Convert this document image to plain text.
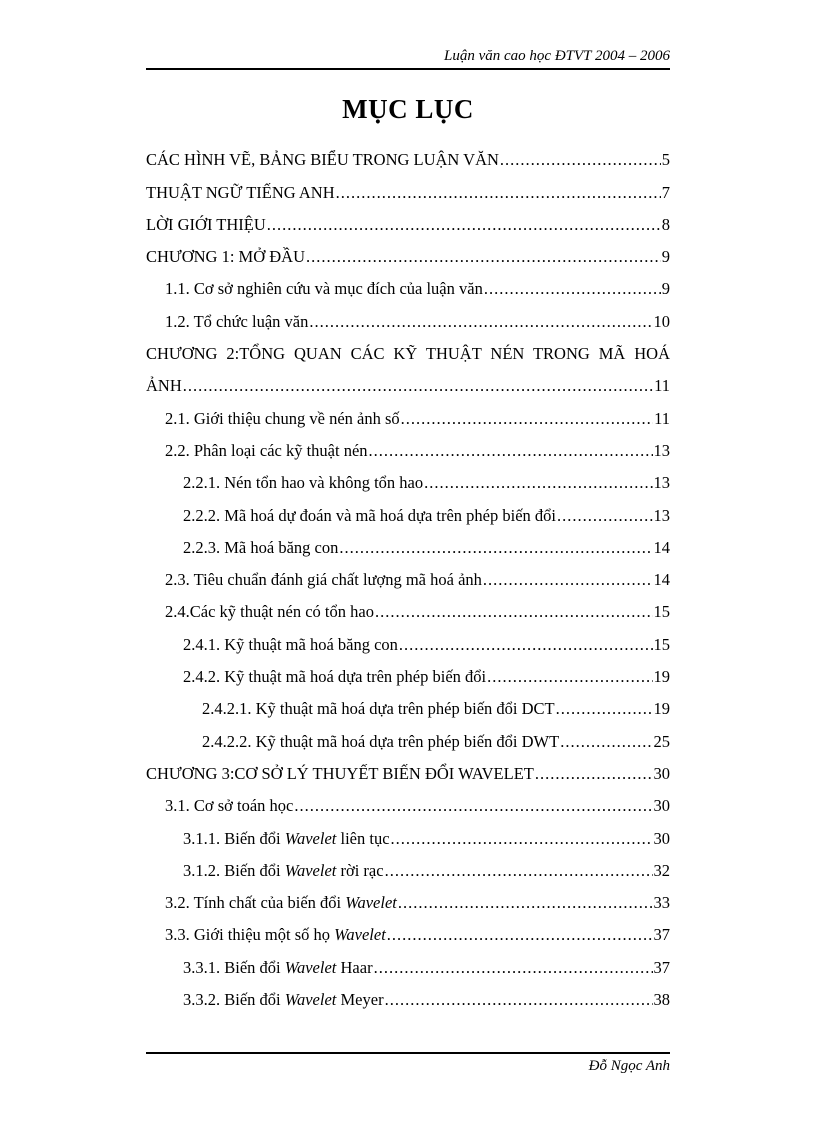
Luận văn cao học ĐTVT 2004 – 2006
MỤC LỤC
CÁC HÌNH VẼ, BẢNG BIỂU TRONG LUẬN VĂN .....	5
THUẬT NGỮ TIẾNG ANH .....	7
LỜI GIỚI THIỆU .....	8
CHƯƠNG 1: MỞ ĐẦU .....	9
1.1. Cơ sở nghiên cứu và mục đích của luận văn .....	9
1.2. Tổ chức luận văn .....	10
CHƯƠNG 2:TỔNG QUAN CÁC KỸ THUẬT NÉN TRONG MÃ HOÁ
ẢNH .....	11
2.1. Giới thiệu chung về nén ảnh số .....	11
2.2. Phân loại các kỹ thuật nén .....	13
2.2.1. Nén tổn hao và không tổn hao .....	13
2.2.2. Mã hoá dự đoán và mã hoá dựa trên phép biến đổi .....	13
2.2.3. Mã hoá băng con .....	14
2.3. Tiêu chuẩn đánh giá chất lượng mã hoá ảnh .....	14
2.4.Các kỹ thuật nén có tổn hao .....	15
2.4.1. Kỹ thuật mã hoá băng con .....	15
2.4.2. Kỹ thuật mã hoá dựa trên phép biến đổi .....	19
2.4.2.1. Kỹ thuật mã hoá dựa trên phép biến đổi DCT .....	19
2.4.2.2. Kỹ thuật mã hoá dựa trên phép biến đổi DWT .....	25
CHƯƠNG 3:CƠ SỞ LÝ THUYẾT BIẾN ĐỔI WAVELET .....	30
3.1. Cơ sở toán học .....	30
3.1.1. Biến đổi Wavelet liên tục .....	30
3.1.2. Biến đổi Wavelet rời rạc .....	32
3.2. Tính chất của biến đổi Wavelet .....	33
3.3. Giới thiệu một số họ Wavelet .....	37
3.3.1. Biến đổi Wavelet Haar .....	37
3.3.2. Biến đổi Wavelet Meyer .....	38
Đỗ Ngọc Anh
